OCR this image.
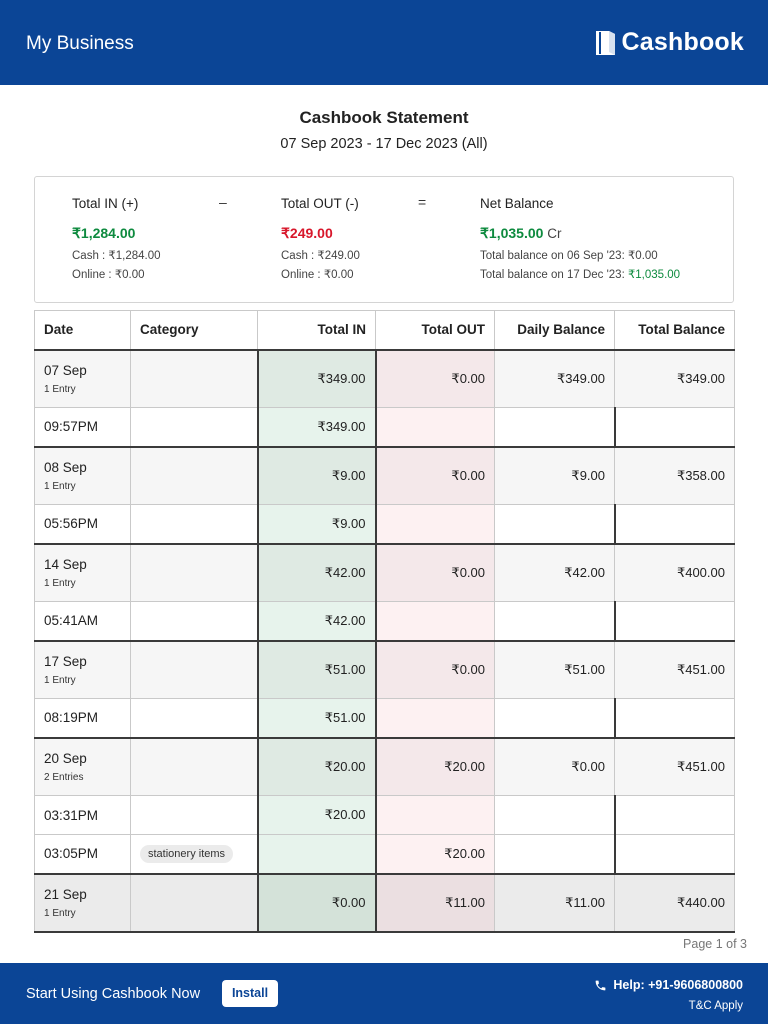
My Business	Cashbook
Cashbook Statement
07 Sep 2023 - 17 Dec 2023 (All)
Total IN (+)
₹1,284.00
Cash : ₹1,284.00
Online : ₹0.00
–	Total OUT (-)
₹249.00
Cash : ₹249.00
Online : ₹0.00
=	Net Balance
₹1,035.00 Cr
Total balance on 06 Sep '23: ₹0.00
Total balance on 17 Dec '23: ₹1,035.00
Date	Category	Total IN	Total OUT	Daily Balance	Total Balance

07 Sep
1 Entry		₹349.00	₹0.00	₹349.00	₹349.00

09:57PM		₹349.00			

08 Sep
1 Entry		₹9.00	₹0.00	₹9.00	₹358.00

05:56PM		₹9.00			

14 Sep
1 Entry		₹42.00	₹0.00	₹42.00	₹400.00

05:41AM		₹42.00			

17 Sep
1 Entry		₹51.00	₹0.00	₹51.00	₹451.00

08:19PM		₹51.00			

20 Sep
2 Entries		₹20.00	₹20.00	₹0.00	₹451.00

03:31PM		₹20.00			

03:05PM	stationery items		₹20.00		

21 Sep
1 Entry		₹0.00	₹11.00	₹11.00	₹440.00
Page 1 of 3
Start Using Cashbook Now	Install
Help: +91-9606800800
T&C Apply
